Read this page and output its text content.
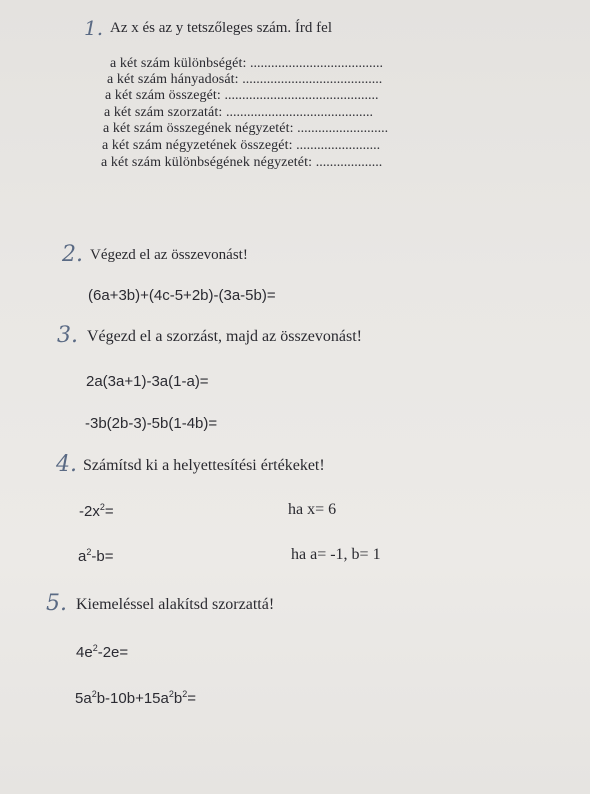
1. Az x és az y tetszőleges szám. Írd fel
a két szám különbségét: ......................................
a két szám hányadosát: ........................................
a két szám összegét: ............................................
a két szám szorzatát: ..........................................
a két szám összegének négyzetét: ..........................
a két szám négyzetének összegét: ........................
a két szám különbségének négyzetét: ...................
2. Végezd el az összevonást!
(6a+3b)+(4c-5+2b)-(3a-5b)=
3. Végezd el a szorzást, majd az összevonást!
2a(3a+1)-3a(1-a)=
-3b(2b-3)-5b(1-4b)=
4. Számítsd ki a helyettesítési értékeket!
$-2x^2=$	ha x= 6
$a^2-b=$	ha a= -1, b= 1
5. Kiemeléssel alakítsd szorzattá!
$4e^2-2e=$
$5a^2b-10b+15a^2b^2=$
